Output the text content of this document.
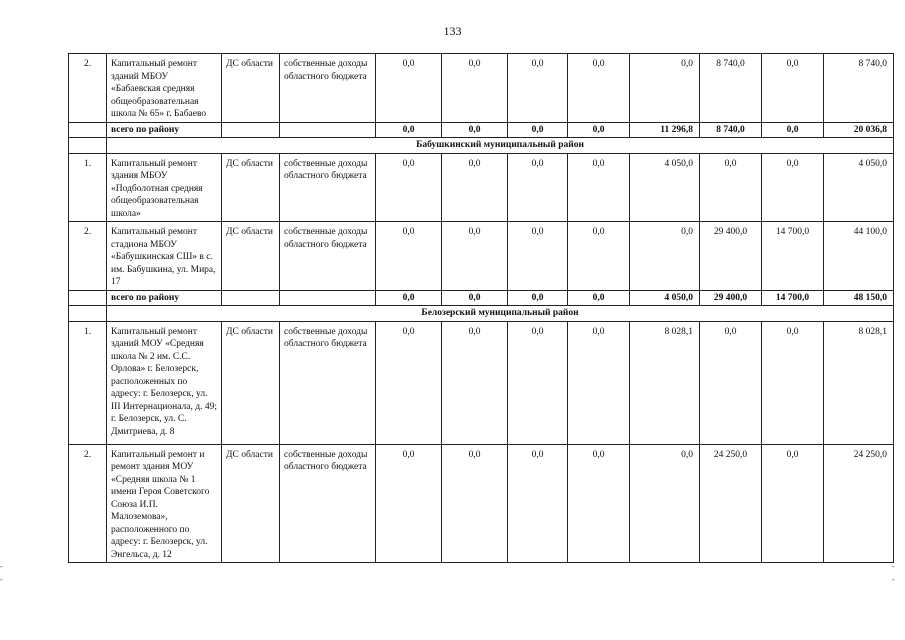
133
2.	Капитальный ремонт зданий МБОУ «Бабаевская средняя общеобразовательная школа № 65» г. Бабаево	ДС области	собственные доходы областного бюджета	0,0	0,0	0,0	0,0	0,0	8 740,0	0,0	8 740,0
	всего по району			0,0	0,0	0,0	0,0	11 296,8	8 740,0	0,0	20 036,8
	Бабушкинский муниципальный район										
1.	Капитальный ремонт здания МБОУ «Подболотная средняя общеобразовательная школа»	ДС области	собственные доходы областного бюджета	0,0	0,0	0,0	0,0	4 050,0	0,0	0,0	4 050,0
2.	Капитальный ремонт стадиона МБОУ «Бабушкинская СШ» в с. им. Бабушкина, ул. Мира, 17	ДС области	собственные доходы областного бюджета	0,0	0,0	0,0	0,0	0,0	29 400,0	14 700,0	44 100,0
	всего по району			0,0	0,0	0,0	0,0	4 050,0	29 400,0	14 700,0	48 150,0
	Белозерский муниципальный район										
1.	Капитальный ремонт зданий МОУ «Средняя школа № 2 им. С.С. Орлова» г. Белозерск, расположенных по адресу: г. Белозерск, ул. III Интернационала, д. 49; г. Белозерск, ул. С. Дмитриева, д. 8	ДС области	собственные доходы областного бюджета	0,0	0,0	0,0	0,0	8 028,1	0,0	0,0	8 028,1
2.	Капитальный ремонт и ремонт здания МОУ «Средняя школа № 1 имени Героя Советского Союза И.П. Малоземова», расположенного по адресу: г. Белозерск, ул. Энгельса, д. 12	ДС области	собственные доходы областного бюджета	0,0	0,0	0,0	0,0	0,0	24 250,0	0,0	24 250,0
-
-
-
-
